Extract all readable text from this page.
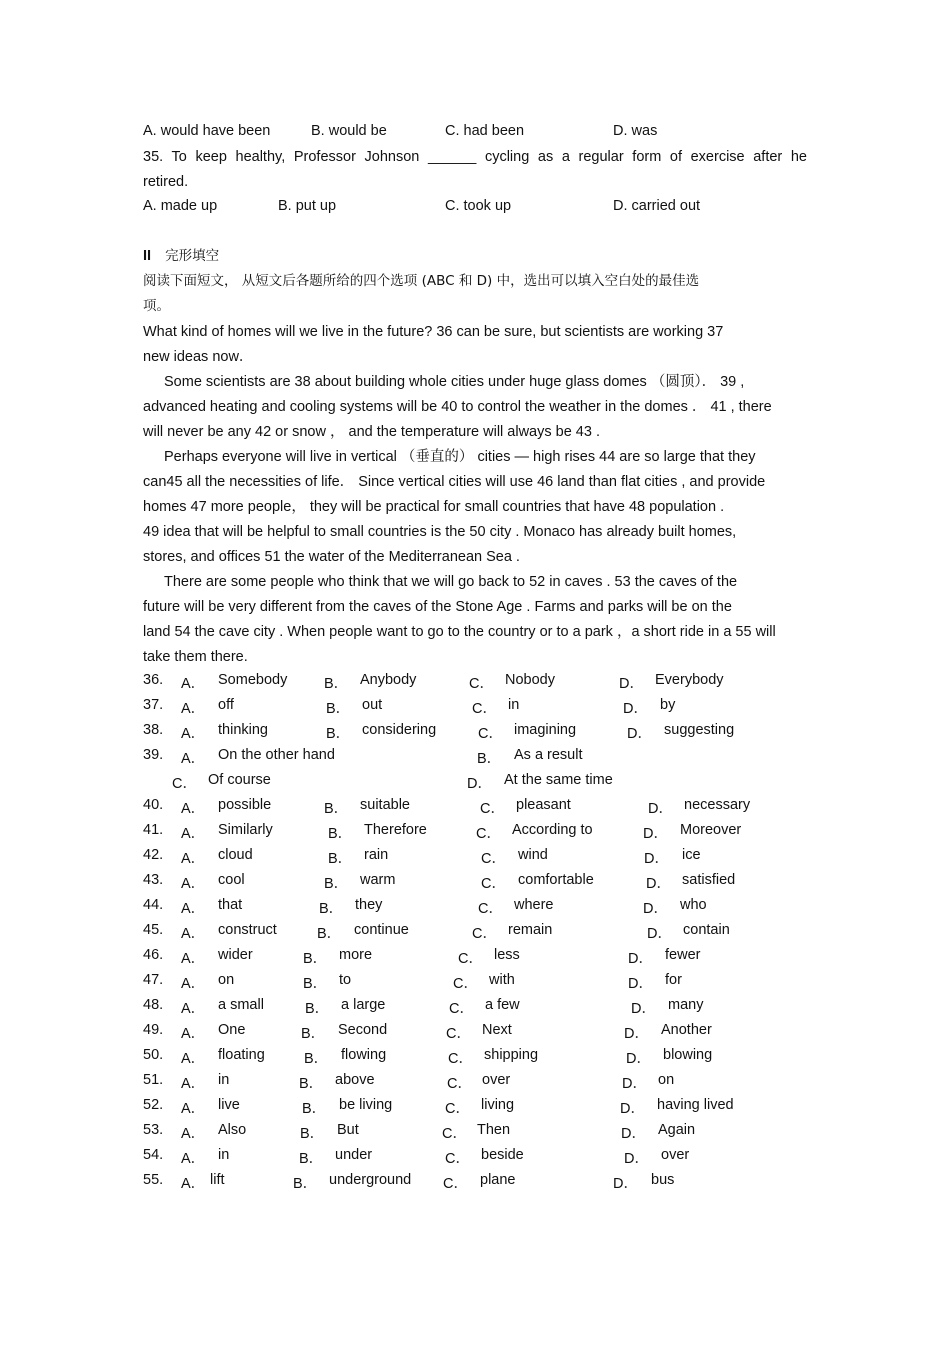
A. would have been	B. would be	C. had been	D. was
35. To keep healthy, Professor Johnson ______ cycling as a regular form of exercise after he
retired.
A. made up	B. put up	C. took up	D. carried out
II 完形填空
阅读下面短文， 从短文后各题所给的四个选项 (ABC 和 D) 中，选出可以填入空白处的最佳选
项。
What kind of homes will we live in the future? 36 can be sure, but scientists are working 37
new ideas now．
Some scientists are 38 about building whole cities under huge glass domes （圆顶）． 39 ,
advanced heating and cooling systems will be 40 to control the weather in the domes ． 41 , there
will never be any 42 or snow ， and the temperature will always be 43 .
Perhaps everyone will live in vertical （垂直的） cities — high rises 44 are so large that they
can45 all the necessities of life． Since vertical cities will use 46 land than flat cities , and provide
homes 47 more people， they will be practical for small countries that have 48 population .
49 idea that will be helpful to small countries is the 50 city . Monaco has already built homes,
stores, and offices 51 the water of the Mediterranean Sea .
There are some people who think that we will go back to 52 in caves . 53 the caves of the
future will be very different from the caves of the Stone Age . Farms and parks will be on the
land 54 the cave city . When people want to go to the country or to a park ，a short ride in a 55 will
take them there.
36. A． Somebody	B． Anybody	C． Nobody	D． Everybody
37. A． off	B． out	C． in	D． by
38. A． thinking	B． considering	C． imagining	D． suggesting
39. A． On the other hand	B． As a result
C． Of course	D． At the same time
40. A． possible	B． suitable	C． pleasant	D． necessary
41. A． Similarly	B． Therefore	C． According to	D． Moreover
42. A． cloud	B． rain	C． wind	D． ice
43. A． cool	B． warm	C． comfortable	D． satisfied
44. A． that	B． they	C． where	D． who
45. A． construct	B． continue	C． remain	D． contain
46. A． wider	B． more	C． less	D． fewer
47. A． on	B． to	C． with	D． for
48. A． a small	B． a large	C． a few	D． many
49. A． One	B． Second	C． Next	D． Another
50. A． floating	B． flowing	C． shipping	D． blowing
51. A． in	B． above	C． over	D． on
52. A． live	B． be living	C． living	D． having lived
53. A． Also	B． But	C． Then	D． Again
54. A． in	B． under	C． beside	D． over
55. A． lift	B． underground C． plane	D． bus
